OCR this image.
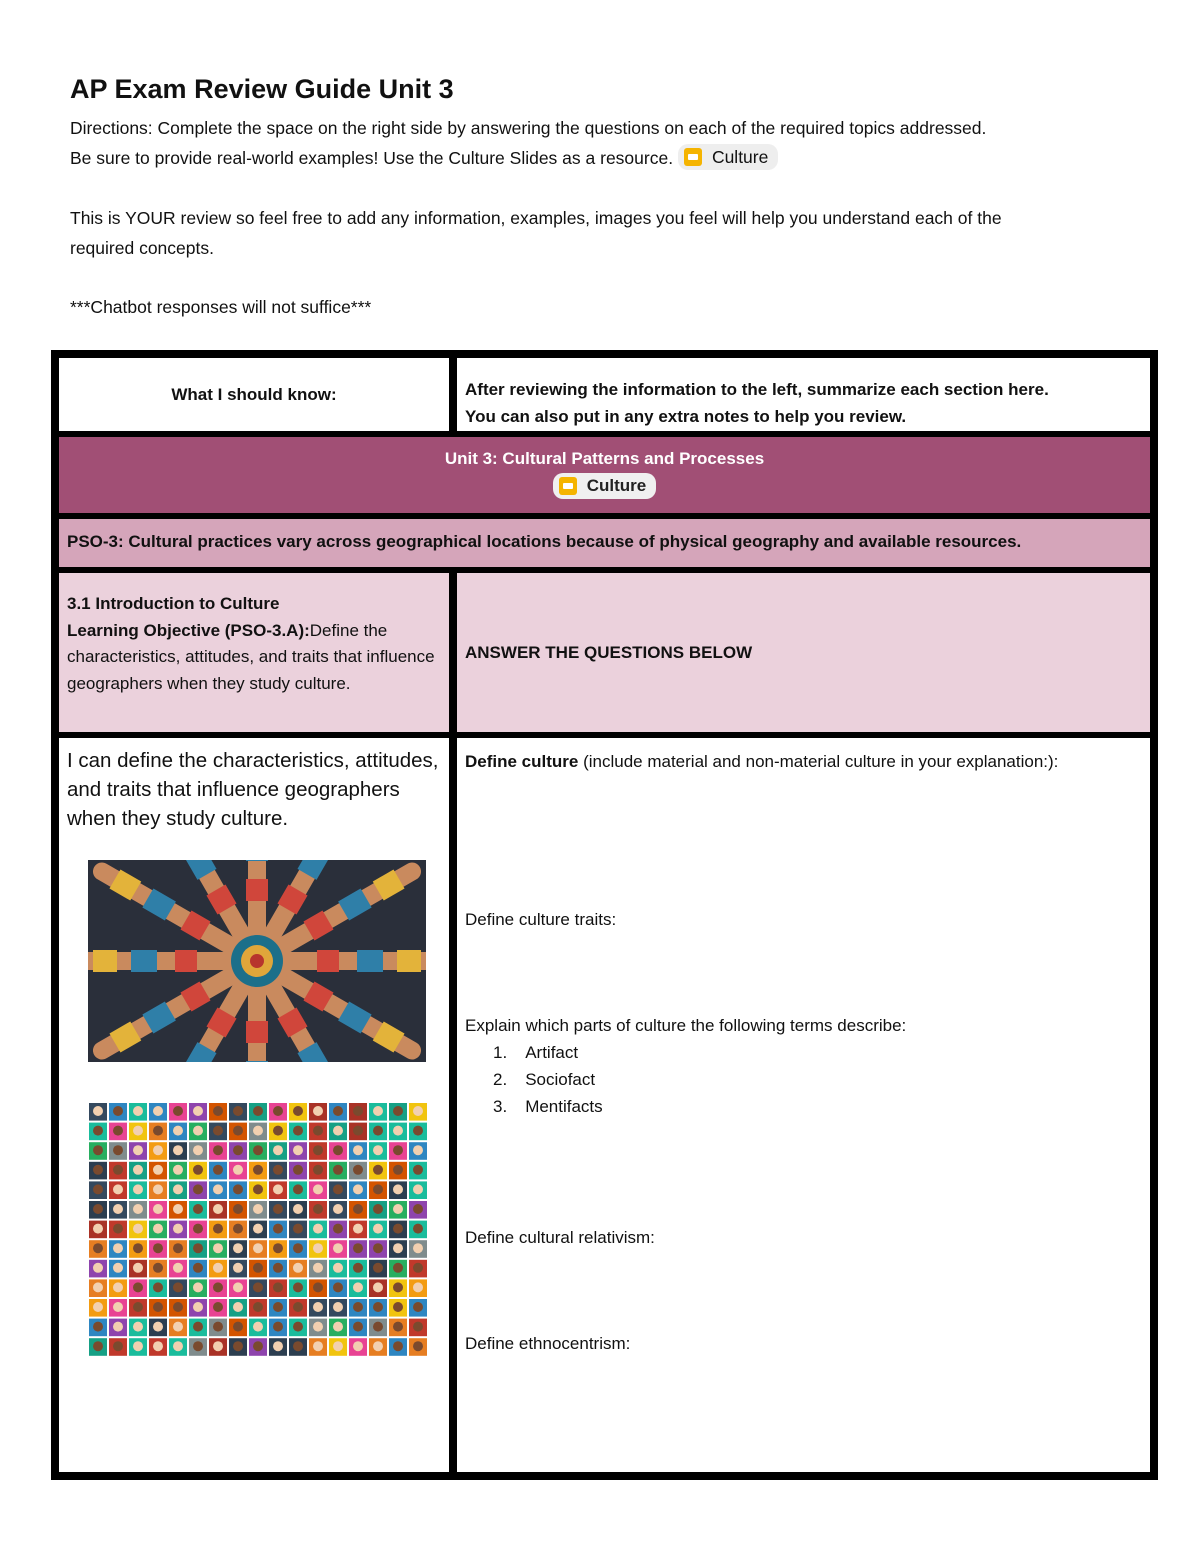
AP Exam Review Guide Unit 3

Directions: Complete the space on the right side by answering the questions on each of the required topics addressed.
Be sure to provide real-world examples! Use the Culture Slides as a resource. Culture

This is YOUR review so feel free to add any information, examples, images you feel will help you understand each of the
required concepts.

***Chatbot responses will not suffice***

What I should know:	After reviewing the information to the left, summarize each section here.
You can also put in any extra notes to help you review.
Unit 3: Cultural Patterns and Processes
Culture
PSO-3: Cultural practices vary across geographical locations because of physical geography and available resources.
3.1 Introduction to Culture
Learning Objective (PSO-3.A):Define the characteristics, attitudes, and traits that influence geographers when they study culture.
ANSWER THE QUESTIONS BELOW

I can define the characteristics, attitudes, and traits that influence geographers when they study culture.

Define culture (include material and non-material culture in your explanation:):

Define culture traits:

Explain which parts of culture the following terms describe:

1. Artifact
2. Sociofact
3. Mentifacts

Define cultural relativism:

Define ethnocentrism:
